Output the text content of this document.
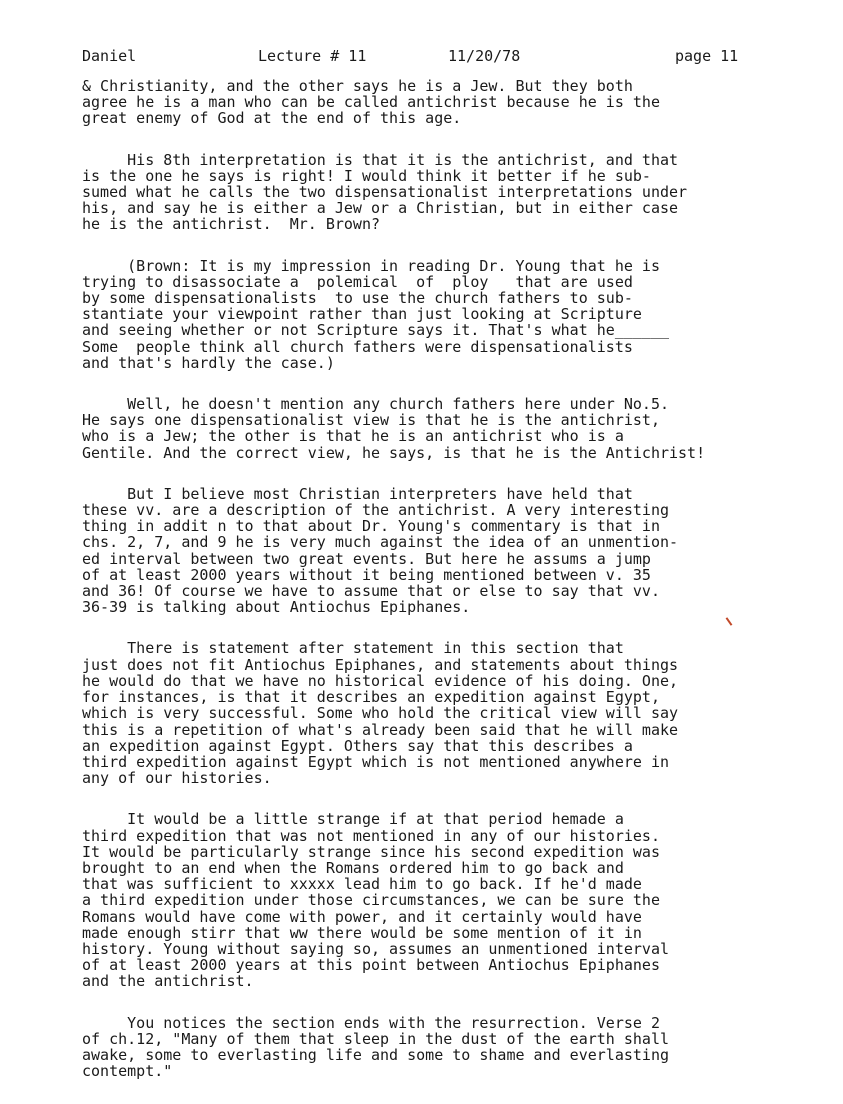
Daniel

	Lecture # 11

	11/20/78

	page 11

& Christianity, and the other says he is a Jew. But they both
agree he is a man who can be called antichrist because he is the
great enemy of God at the end of this age.
His 8th interpretation is that it is the antichrist, and that
is the one he says is right! I would think it better if he sub-
sumed what he calls the two dispensationalist interpretations under
his, and say he is either a Jew or a Christian, but in either case
he is the antichrist.  Mr. Brown?
(Brown: It is my impression in reading Dr. Young that he is
trying to disassociate a  polemical  of  ploy   that are used
by some dispensationalists  to use the church fathers to sub-
stantiate your viewpoint rather than just looking at Scripture
and seeing whether or not Scripture says it. That's what he______
Some  people think all church fathers were dispensationalists
and that's hardly the case.)
Well, he doesn't mention any church fathers here under No.5.
He says one dispensationalist view is that he is the antichrist,
who is a Jew; the other is that he is an antichrist who is a
Gentile. And the correct view, he says, is that he is the Antichrist!
But I believe most Christian interpreters have held that
these vv. are a description of the antichrist. A very interesting
thing in addit n to that about Dr. Young's commentary is that in
chs. 2, 7, and 9 he is very much against the idea of an unmention-
ed interval between two great events. But here he assums a jump
of at least 2000 years without it being mentioned between v. 35
and 36! Of course we have to assume that or else to say that vv.
36-39 is talking about Antiochus Epiphanes.
There is statement after statement in this section that
just does not fit Antiochus Epiphanes, and statements about things
he would do that we have no historical evidence of his doing. One,
for instances, is that it describes an expedition against Egypt,
which is very successful. Some who hold the critical view will say
this is a repetition of what's already been said that he will make
an expedition against Egypt. Others say that this describes a
third expedition against Egypt which is not mentioned anywhere in
any of our histories.
It would be a little strange if at that period hemade a
third expedition that was not mentioned in any of our histories.
It would be particularly strange since his second expedition was
brought to an end when the Romans ordered him to go back and
that was sufficient to xxxxx lead him to go back. If he'd made
a third expedition under those circumstances, we can be sure the
Romans would have come with power, and it certainly would have
made enough stirr that ww there would be some mention of it in
history. Young without saying so, assumes an unmentioned interval
of at least 2000 years at this point between Antiochus Epiphanes
and the antichrist.
You notices the section ends with the resurrection. Verse 2
of ch.12, "Many of them that sleep in the dust of the earth shall
awake, some to everlasting life and some to shame and everlasting
contempt."
